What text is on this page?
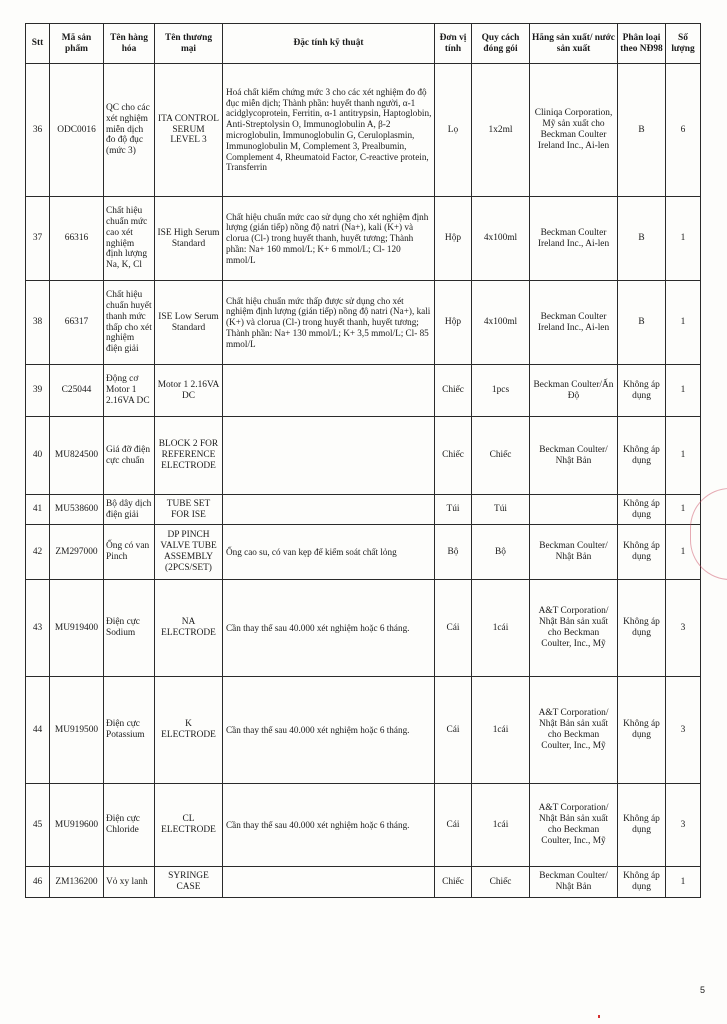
Stt	Mã sản phẩm	Tên hàng hóa	Tên thương mại	Đặc tính kỹ thuật	Đơn vị tính	Quy cách đóng gói	Hãng sản xuất/ nước sản xuất	Phân loại theo NĐ98	Số lượng
36	ODC0016	QC cho các xét nghiệm miễn dịch đo độ đục (mức 3)	ITA CONTROL SERUM LEVEL 3	Hoá chất kiểm chứng mức 3 cho các xét nghiệm đo độ đục miễn dịch; Thành phần: huyết thanh người, α-1 acidglycoprotein, Ferritin, α-1 antitrypsin, Haptoglobin, Anti-Streptolysin O, Immunoglobulin A, β-2 microglobulin, Immunoglobulin G, Ceruloplasmin, Immunoglobulin M, Complement 3, Prealbumin, Complement 4, Rheumatoid Factor, C-reactive protein, Transferrin	Lọ	1x2ml	Cliniqa Corporation, Mỹ sản xuất cho Beckman Coulter Ireland Inc., Ai-len	B	6
37	66316	Chất hiệu chuẩn mức cao xét nghiệm định lượng Na, K, Cl	ISE High Serum Standard	Chất hiệu chuẩn mức cao sử dụng cho xét nghiệm định lượng (gián tiếp) nồng độ natri (Na+), kali (K+) và clorua (Cl-) trong huyết thanh, huyết tương; Thành phần: Na+ 160 mmol/L; K+ 6 mmol/L; Cl- 120 mmol/L	Hộp	4x100ml	Beckman Coulter Ireland Inc., Ai-len	B	1
38	66317	Chất hiệu chuẩn huyết thanh mức thấp cho xét nghiệm điện giải	ISE Low Serum Standard	Chất hiệu chuẩn mức thấp được sử dụng cho xét nghiệm định lượng (gián tiếp) nồng độ natri (Na+), kali (K+) và clorua (Cl-) trong huyết thanh, huyết tương; Thành phần: Na+ 130 mmol/L; K+ 3,5 mmol/L; Cl- 85 mmol/L	Hộp	4x100ml	Beckman Coulter Ireland Inc., Ai-len	B	1
39	C25044	Động cơ Motor 1 2.16VA DC	Motor 1 2.16VA DC		Chiếc	1pcs	Beckman Coulter/Ấn Độ	Không áp dụng	1
40	MU824500	Giá đỡ điện cực chuẩn	BLOCK 2 FOR REFERENCE ELECTRODE		Chiếc	Chiếc	Beckman Coulter/ Nhật Bản	Không áp dụng	1
41	MU538600	Bộ dây dịch điện giải	TUBE SET FOR ISE		Túi	Túi		Không áp dụng	1
42	ZM297000	Ống có van Pinch	DP PINCH VALVE TUBE ASSEMBLY (2PCS/SET)	Ống cao su, có van kẹp để kiểm soát chất lỏng	Bộ	Bộ	Beckman Coulter/ Nhật Bản	Không áp dụng	1
43	MU919400	Điện cực Sodium	NA ELECTRODE	Cần thay thế sau 40.000 xét nghiệm hoặc 6 tháng.	Cái	1cái	A&T Corporation/ Nhật Bản sản xuất cho Beckman Coulter, Inc., Mỹ	Không áp dụng	3
44	MU919500	Điện cực Potassium	K ELECTRODE	Cần thay thế sau 40.000 xét nghiệm hoặc 6 tháng.	Cái	1cái	A&T Corporation/ Nhật Bản sản xuất cho Beckman Coulter, Inc., Mỹ	Không áp dụng	3
45	MU919600	Điện cực Chloride	CL ELECTRODE	Cần thay thế sau 40.000 xét nghiệm hoặc 6 tháng.	Cái	1cái	A&T Corporation/ Nhật Bản sản xuất cho Beckman Coulter, Inc., Mỹ	Không áp dụng	3
46	ZM136200	Vỏ xy lanh	SYRINGE CASE		Chiếc	Chiếc	Beckman Coulter/ Nhật Bản	Không áp dụng	1
5
